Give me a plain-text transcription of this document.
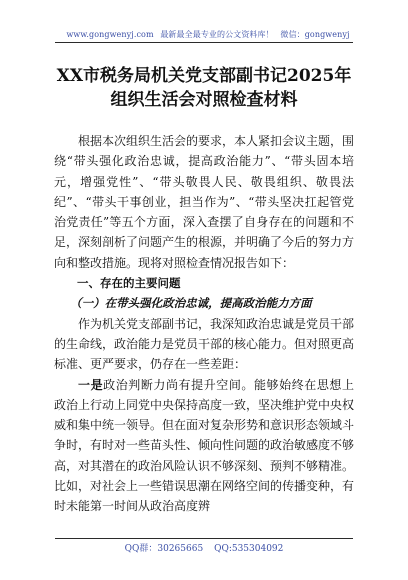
www.gongwenyj.com 最新最全最专业的公文资料库！ 微信：gongwenyj
XX市税务局机关党支部副书记2025年组织生活会对照检查材料

根据本次组织生活会的要求，本人紧扣会议主题，围绕“带头强化政治忠诚，提高政治能力”、“带头固本培元，增强党性”、“带头敬畏人民、敬畏组织、敬畏法纪”、“带头干事创业，担当作为”、“带头坚决扛起管党治党责任”等五个方面，深入查摆了自身存在的问题和不足，深刻剖析了问题产生的根源，并明确了今后的努力方向和整改措施。现将对照检查情况报告如下：

一、存在的主要问题

（一）在带头强化政治忠诚，提高政治能力方面

作为机关党支部副书记，我深知政治忠诚是党员干部的生命线，政治能力是党员干部的核心能力。但对照更高标准、更严要求，仍存在一些差距：

一是政治判断力尚有提升空间。能够始终在思想上政治上行动上同党中央保持高度一致，坚决维护党中央权威和集中统一领导。但在面对复杂形势和意识形态领域斗争时，有时对一些苗头性、倾向性问题的政治敏感度不够高，对其潜在的政治风险认识不够深刻、预判不够精准。比如，对社会上一些错误思潮在网络空间的传播变种，有时未能第一时间从政治高度辨

QQ群：30265665 QQ:535304092
